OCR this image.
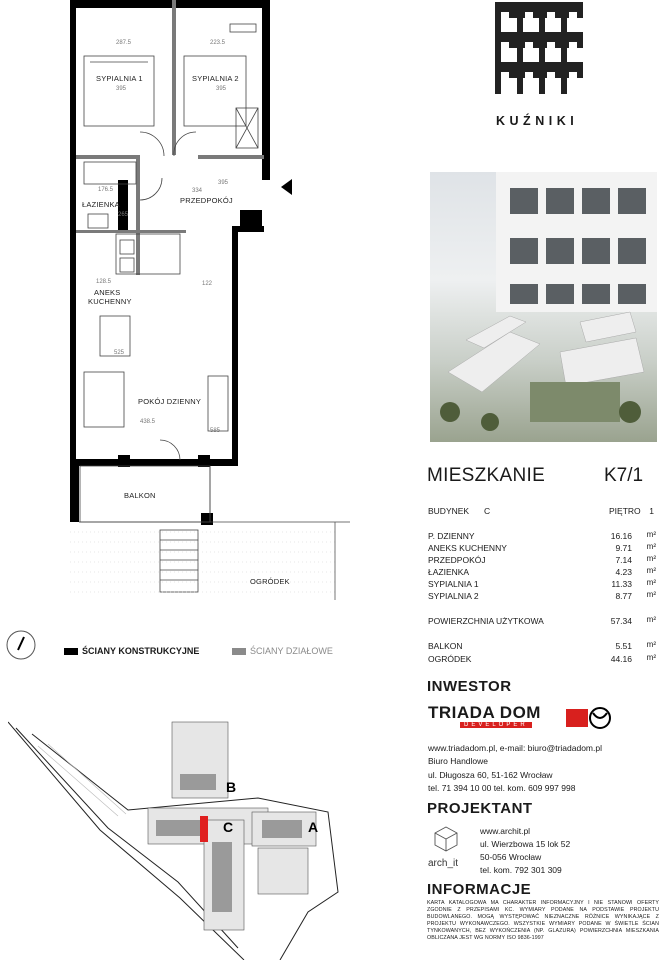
SYPIALNIA 1	SYPIALNIA 2
ŁAZIENKA	PRZEDPOKÓJ
ANEKS
KUCHENNY
POKÓJ DZIENNY
BALKON
OGRÓDEK
287.5	223.5
395	395
176.5	334
265
395
122
128.5
525
438.5
585
ŚCIANY KONSTRUKCYJNE	ŚCIANY DZIAŁOWE
B
C	A
KUŹNIKI
MIESZKANIE	K7/1
BUDYNEK C	PIĘTRO 1
P. DZIENNY	16.16 m²
ANEKS KUCHENNY	9.71 m²
PRZEDPOKÓJ	7.14 m²
ŁAZIENKA	4.23 m²
SYPIALNIA 1	11.33 m²
SYPIALNIA 2	8.77 m²
POWIERZCHNIA UŻYTKOWA	57.34 m²
BALKON	5.51 m²
OGRÓDEK	44.16 m²
INWESTOR
TRIADA DOM
DEVELOPER
www.triadadom.pl, e-mail: biuro@triadadom.pl
Biuro Handlowe
ul. Długosza 60, 51-162 Wrocław
tel. 71 394 10 00 tel. kom. 609 997 998
PROJEKTANT
arch_it
www.archit.pl
ul. Wierzbowa 15 lok 52
50-056 Wrocław
tel. kom. 792 301 309
INFORMACJE
KARTA KATALOGOWA MA CHARAKTER INFORMACYJNY I NIE STANOWI OFERTY ZGODNIE Z PRZEPISAMI KC. WYMIARY PODANE NA PODSTAWIE PROJEKTU BUDOWLANEGO. MOGĄ WYSTĘPOWAĆ NIEZNACZNE RÓŻNICE WYNIKAJĄCE Z PROJEKTU WYKONAWCZEGO. WSZYSTKIE WYMIARY PODANE W ŚWIETLE ŚCIAN TYNKOWANYCH, BEZ WYKOŃCZENIA (NP. GLAZURA) POWIERZCHNIA MIESZKANIA OBLICZANA JEST WG NORMY ISO 9836-1997
